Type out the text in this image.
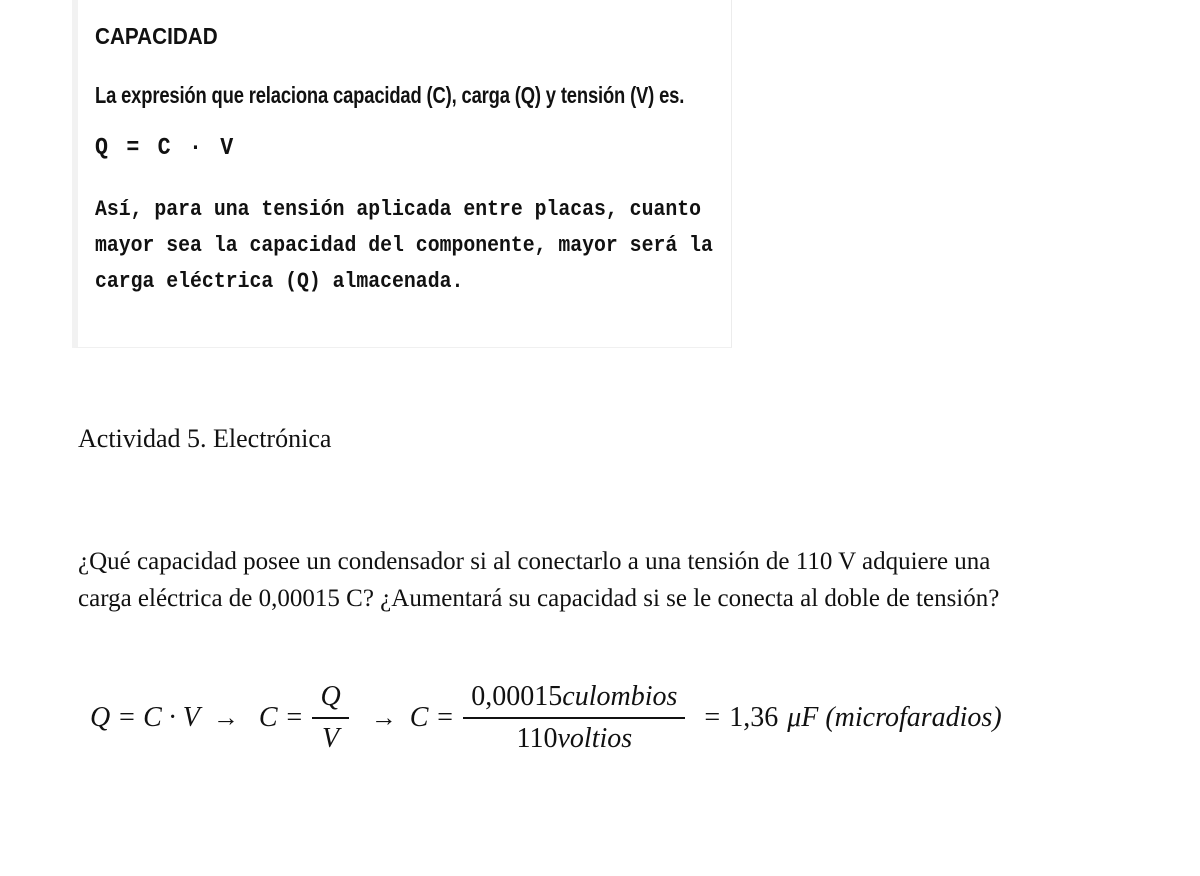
CAPACIDAD
La expresión que relaciona capacidad (C), carga (Q) y tensión (V) es.
Q = C · V
Así, para una tensión aplicada entre placas, cuanto mayor sea la capacidad del componente, mayor será la carga eléctrica (Q) almacenada.
Actividad 5. Electrónica
¿Qué capacidad posee un condensador si al conectarlo a una tensión de 110 V adquiere una carga eléctrica de 0,00015 C? ¿Aumentará su capacidad si se le conecta al doble de tensión?
$Q = C \cdot V \to C = \frac{Q}{V} \to C = \frac{\text{0,00015culombios}}{\text{110voltios}} = 1,36$ μF (microfaradios)
